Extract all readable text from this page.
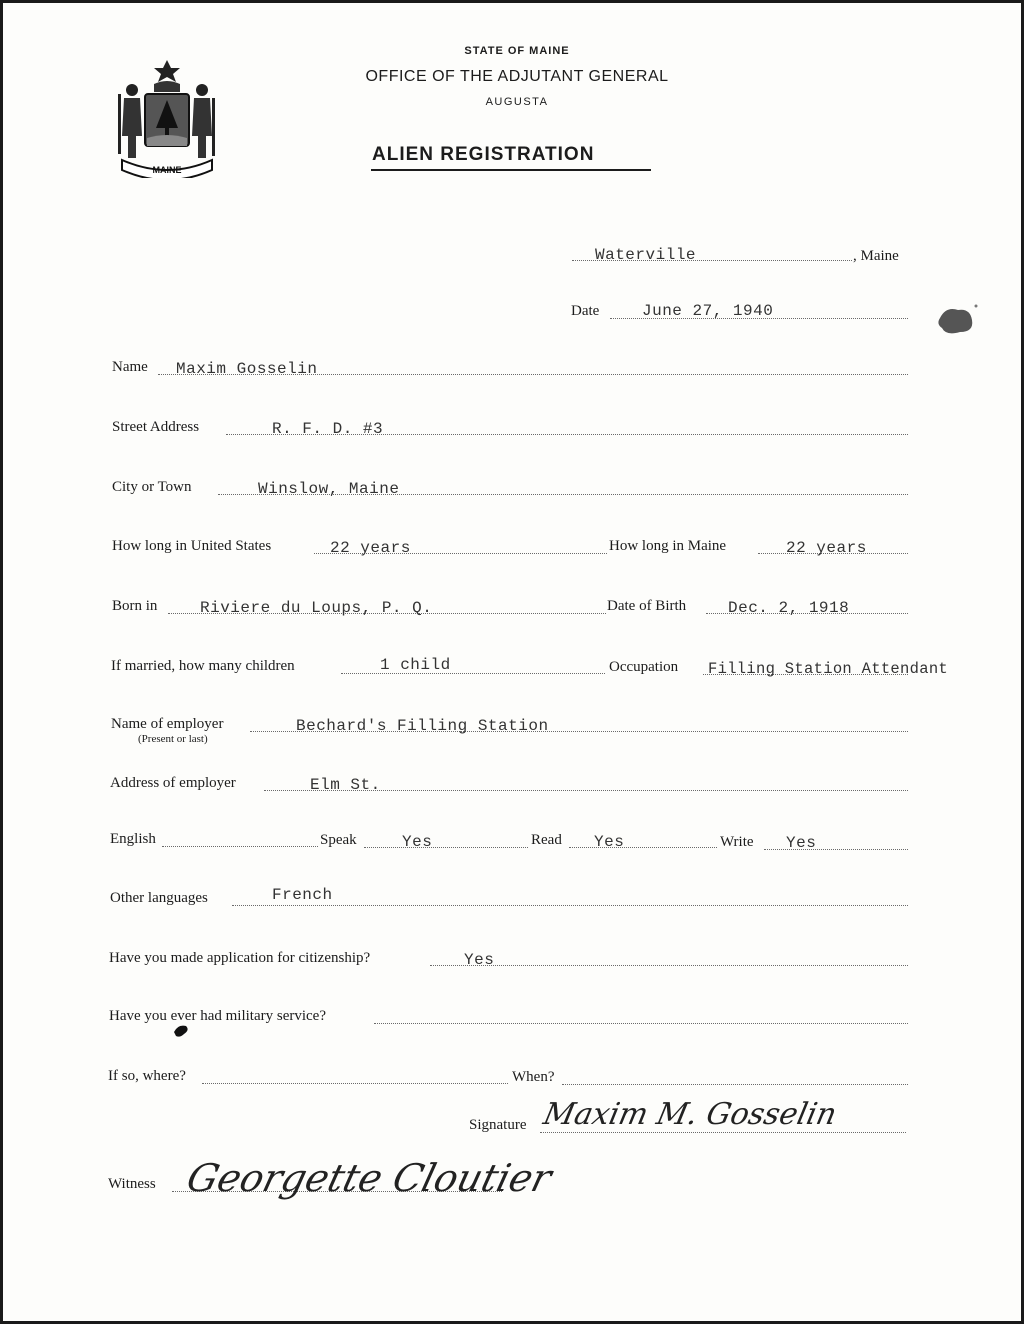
MAINE
STATE OF MAINE
OFFICE OF THE ADJUTANT GENERAL
AUGUSTA
ALIEN REGISTRATION
Waterville	, Maine
Date	June 27, 1940
Name Maxim Gosselin
Street Address	R. F. D. #3
City or Town	Winslow, Maine
How long in United States	22 years	How long in Maine	22 years
Born in	Riviere du Loups, P. Q.	Date of Birth	Dec. 2, 1918
If married, how many children	1 child	Occupation Filling Station Attendant
Name of employer
(Present or last)
Bechard's Filling Station
Address of employer	Elm St.
English	Speak	Yes	Read Yes	Write Yes
Other languages	French
Have you made application for citizenship?	Yes
Have you ever had military service?
If so, where?	When?
Signature Maxim M. Gosselin
Witness Georgette Cloutier
